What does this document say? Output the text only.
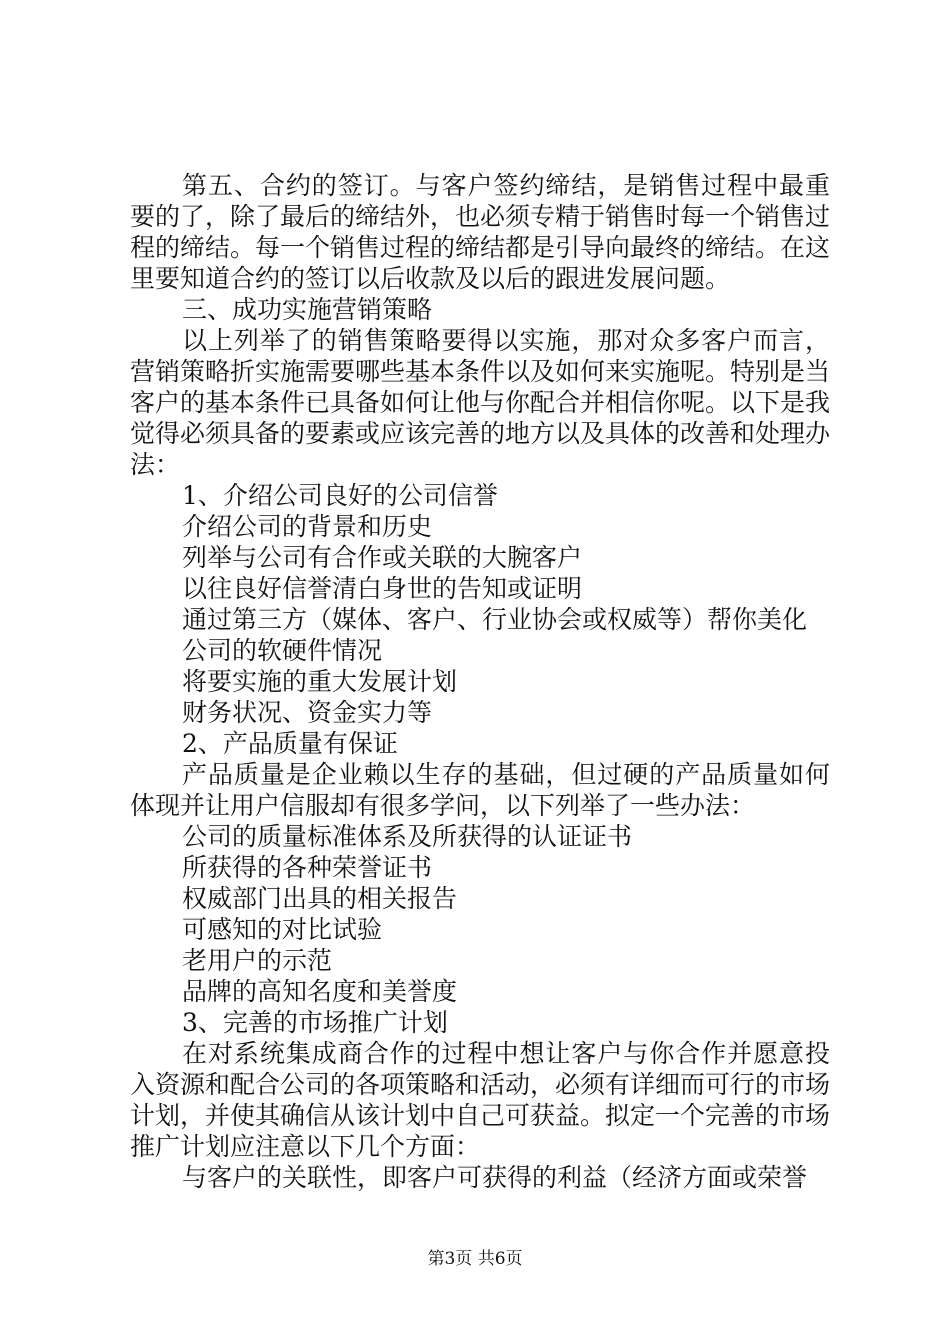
第五、合约的签订。与客户签约缔结，是销售过程中最重要的了，除了最后的缔结外，也必须专精于销售时每一个销售过程的缔结。每一个销售过程的缔结都是引导向最终的缔结。在这里要知道合约的签订以后收款及以后的跟进发展问题。

三、成功实施营销策略

以上列举了的销售策略要得以实施，那对众多客户而言，营销策略折实施需要哪些基本条件以及如何来实施呢。特别是当客户的基本条件已具备如何让他与你配合并相信你呢。以下是我觉得必须具备的要素或应该完善的地方以及具体的改善和处理办法：

1、介绍公司良好的公司信誉

介绍公司的背景和历史

列举与公司有合作或关联的大腕客户

以往良好信誉清白身世的告知或证明

通过第三方（媒体、客户、行业协会或权威等）帮你美化

公司的软硬件情况

将要实施的重大发展计划

财务状况、资金实力等

2、产品质量有保证

产品质量是企业赖以生存的基础，但过硬的产品质量如何体现并让用户信服却有很多学问，以下列举了一些办法：

公司的质量标准体系及所获得的认证证书

所获得的各种荣誉证书

权威部门出具的相关报告

可感知的对比试验

老用户的示范

品牌的高知名度和美誉度

3、完善的市场推广计划

在对系统集成商合作的过程中想让客户与你合作并愿意投入资源和配合公司的各项策略和活动，必须有详细而可行的市场计划，并使其确信从该计划中自己可获益。拟定一个完善的市场推广计划应注意以下几个方面：

与客户的关联性，即客户可获得的利益（经济方面或荣誉

第3页 共6页
